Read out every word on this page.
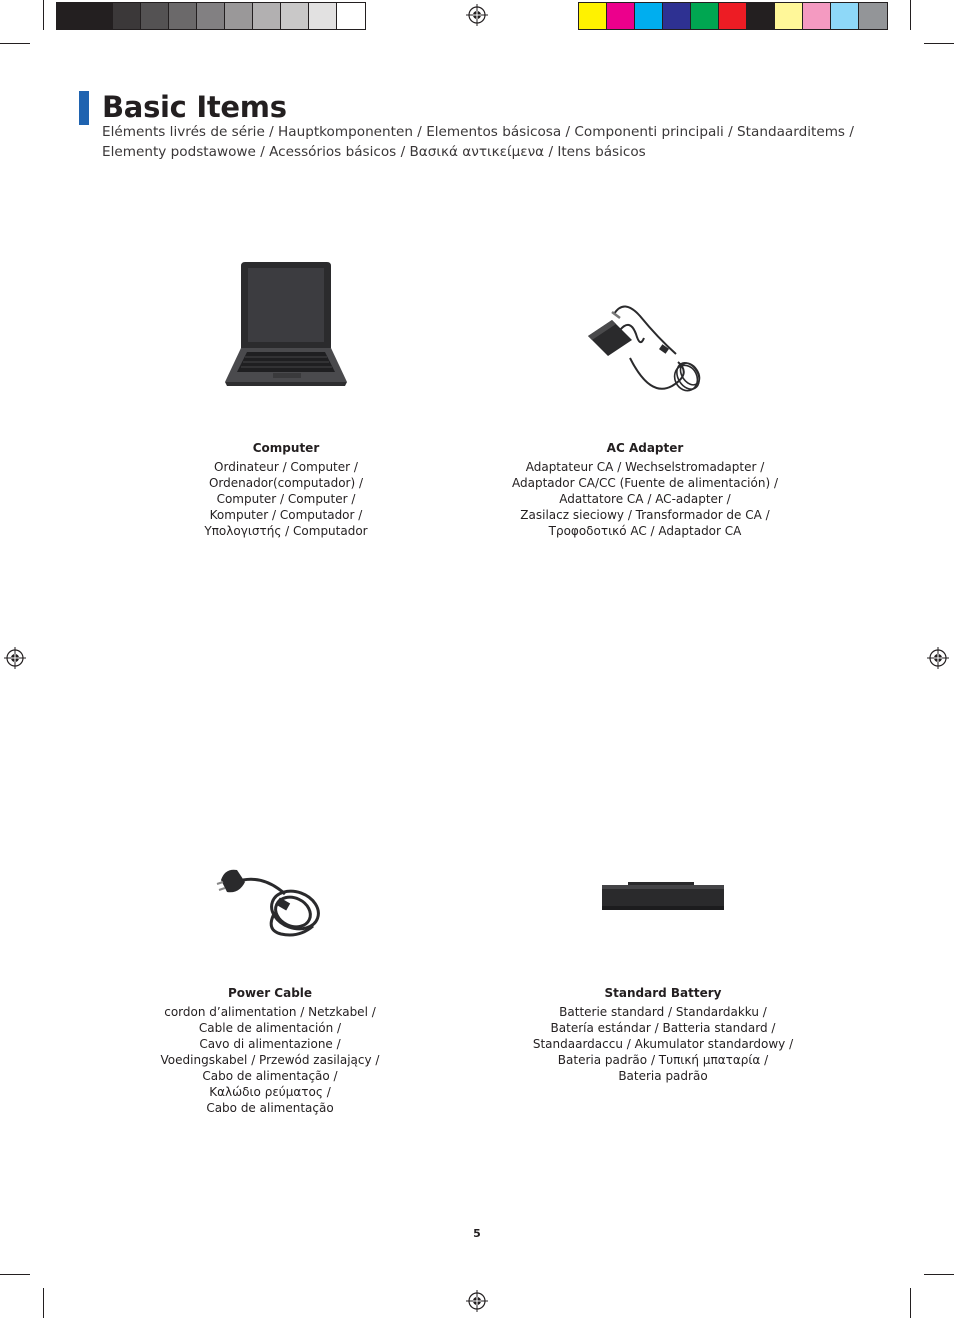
Basic Items

Eléments livrés de série / Hauptkomponenten / Elementos básicosa / Componenti principali / Standaarditems / Elementy podstawowe / Acessórios básicos / Βασικά αντικείμενα / Itens básicos

Computer
Ordinateur / Computer /
Ordenador(computador) /
Computer / Computer /
Komputer / Computador /
Υπολογιστής / Computador
AC Adapter
Adaptateur CA / Wechselstromadapter /
Adaptador CA/CC (Fuente de alimentación) /
Adattatore CA / AC-adapter /
Zasilacz sieciowy / Transformador de CA /
Τροφοδοτικό AC / Adaptador CA
Power Cable
cordon d’alimentation / Netzkabel /
Cable de alimentación /
Cavo di alimentazione /
Voedingskabel / Przewód zasilający /
Cabo de alimentação /
Καλώδιο ρεύματος /
Cabo de alimentação
Standard Battery
Batterie standard / Standardakku /
Batería estándar / Batteria standard /
Standaardaccu / Akumulator standardowy /
Bateria padrão / Τυπική μπαταρία /
Bateria padrão
5
